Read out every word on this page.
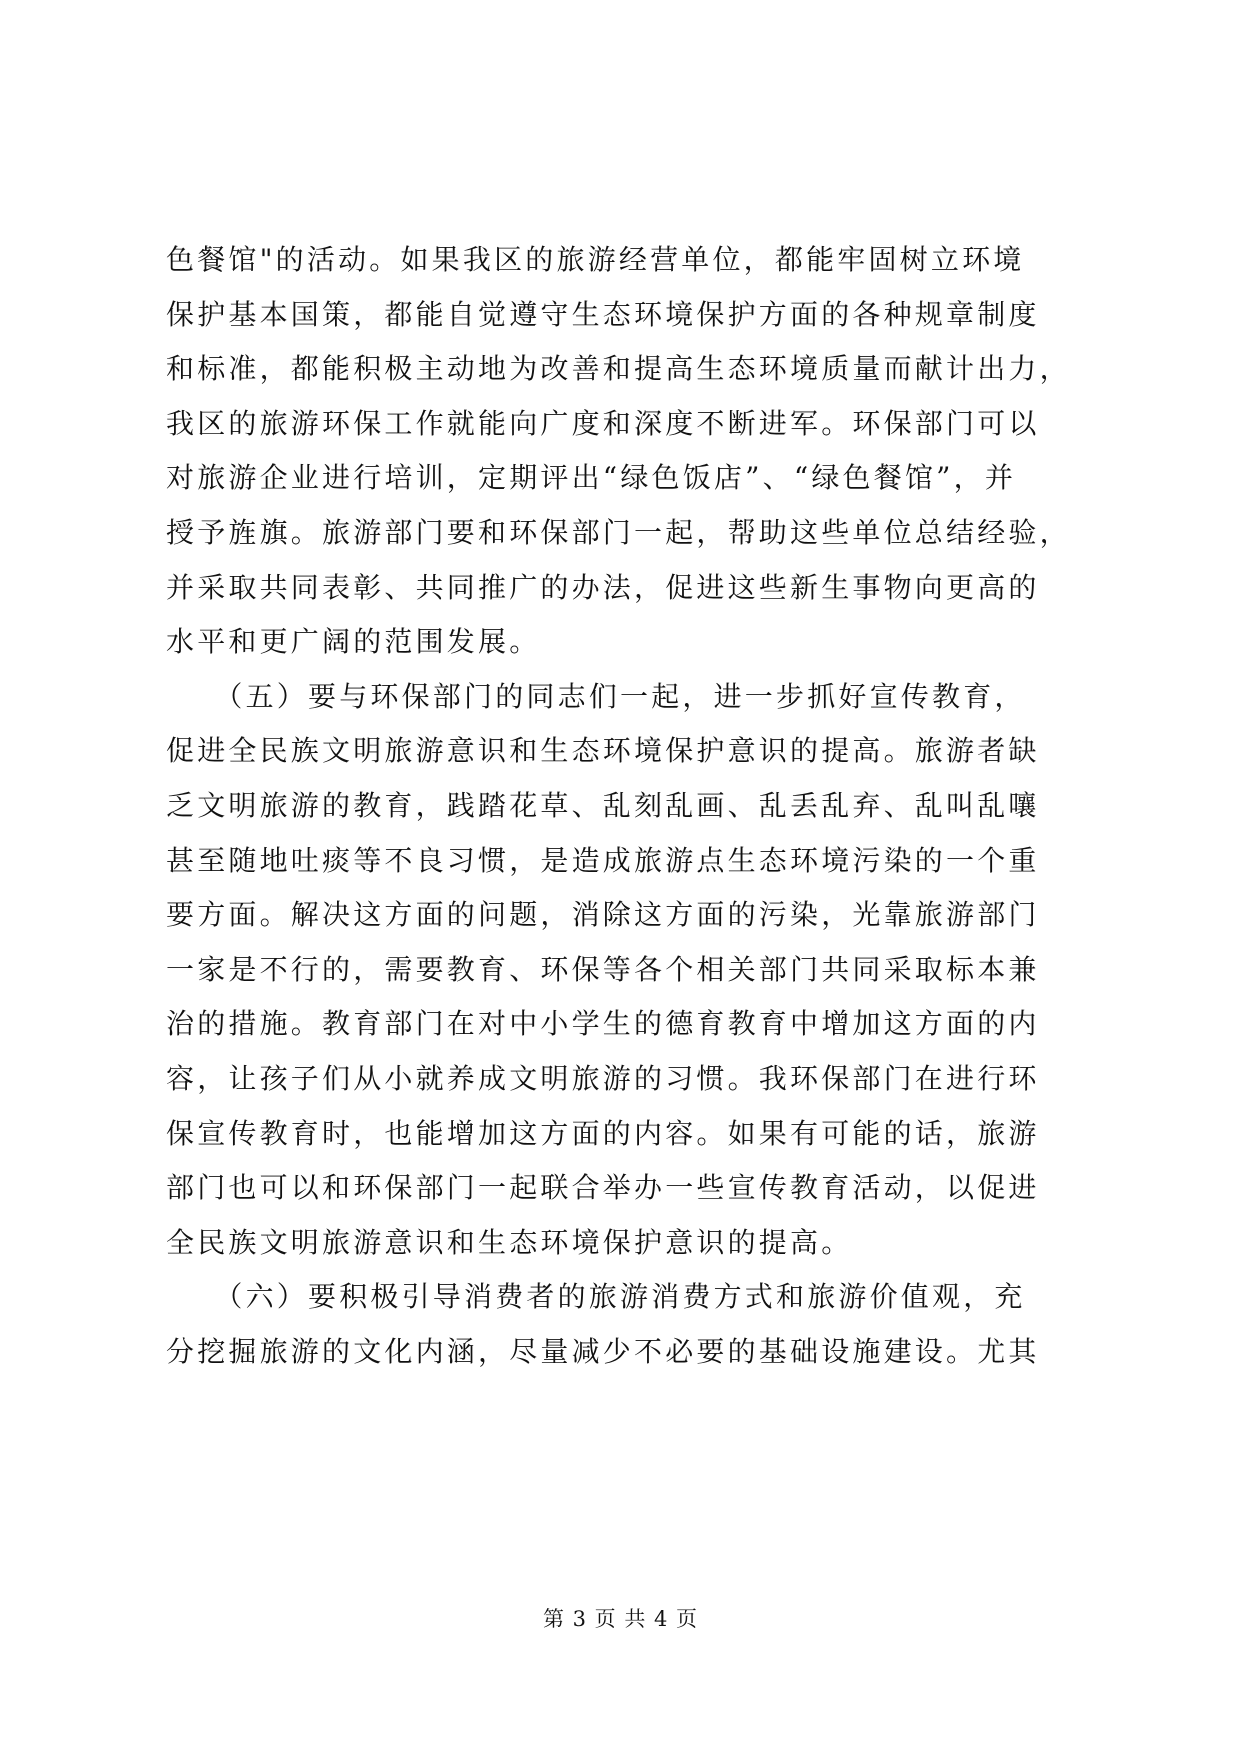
色餐馆"的活动。如果我区的旅游经营单位，都能牢固树立环境
保护基本国策，都能自觉遵守生态环境保护方面的各种规章制度
和标准，都能积极主动地为改善和提高生态环境质量而献计出力，
我区的旅游环保工作就能向广度和深度不断进军。环保部门可以
对旅游企业进行培训，定期评出“绿色饭店”、“绿色餐馆”，并
授予旌旗。旅游部门要和环保部门一起，帮助这些单位总结经验，
并采取共同表彰、共同推广的办法，促进这些新生事物向更高的
水平和更广阔的范围发展。
　　（五）要与环保部门的同志们一起，进一步抓好宣传教育，
促进全民族文明旅游意识和生态环境保护意识的提高。旅游者缺
乏文明旅游的教育，践踏花草、乱刻乱画、乱丢乱弃、乱叫乱嚷
甚至随地吐痰等不良习惯，是造成旅游点生态环境污染的一个重
要方面。解决这方面的问题，消除这方面的污染，光靠旅游部门
一家是不行的，需要教育、环保等各个相关部门共同采取标本兼
治的措施。教育部门在对中小学生的德育教育中增加这方面的内
容，让孩子们从小就养成文明旅游的习惯。我环保部门在进行环
保宣传教育时，也能增加这方面的内容。如果有可能的话，旅游
部门也可以和环保部门一起联合举办一些宣传教育活动，以促进
全民族文明旅游意识和生态环境保护意识的提高。
　　（六）要积极引导消费者的旅游消费方式和旅游价值观，充
分挖掘旅游的文化内涵，尽量减少不必要的基础设施建设。尤其
第 3 页 共 4 页
